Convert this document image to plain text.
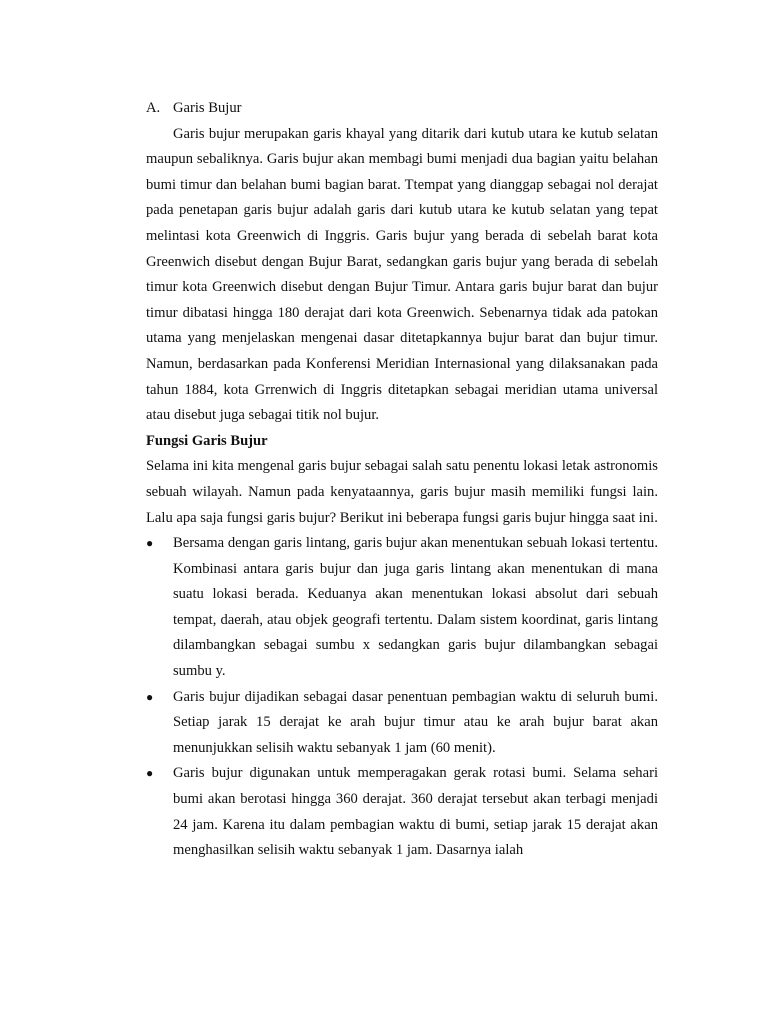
A. Garis Bujur

Garis bujur merupakan garis khayal yang ditarik dari kutub utara ke kutub selatan maupun sebaliknya. Garis bujur akan membagi bumi menjadi dua bagian yaitu belahan bumi timur dan belahan bumi bagian barat. Ttempat yang dianggap sebagai nol derajat pada penetapan garis bujur adalah garis dari kutub utara ke kutub selatan yang tepat melintasi kota Greenwich di Inggris. Garis bujur yang berada di sebelah barat kota Greenwich disebut dengan Bujur Barat, sedangkan garis bujur yang berada di sebelah timur kota Greenwich disebut dengan Bujur Timur. Antara garis bujur barat dan bujur timur dibatasi hingga 180 derajat dari kota Greenwich. Sebenarnya tidak ada patokan utama yang menjelaskan mengenai dasar ditetapkannya bujur barat dan bujur timur. Namun, berdasarkan pada Konferensi Meridian Internasional yang dilaksanakan pada tahun 1884, kota Grrenwich di Inggris ditetapkan sebagai meridian utama universal atau disebut juga sebagai titik nol bujur.

Fungsi Garis Bujur

Selama ini kita mengenal garis bujur sebagai salah satu penentu lokasi letak astronomis sebuah wilayah. Namun pada kenyataannya, garis bujur masih memiliki fungsi lain. Lalu apa saja fungsi garis bujur? Berikut ini beberapa fungsi garis bujur hingga saat ini.

●	Bersama dengan garis lintang, garis bujur akan menentukan sebuah lokasi tertentu. Kombinasi antara garis bujur dan juga garis lintang akan menentukan di mana suatu lokasi berada. Keduanya akan menentukan lokasi absolut dari sebuah tempat, daerah, atau objek geografi tertentu. Dalam sistem koordinat, garis lintang dilambangkan sebagai sumbu x sedangkan garis bujur dilambangkan sebagai sumbu y.
●	Garis bujur dijadikan sebagai dasar penentuan pembagian waktu di seluruh bumi. Setiap jarak 15 derajat ke arah bujur timur atau ke arah bujur barat akan menunjukkan selisih waktu sebanyak 1 jam (60 menit).
●	Garis bujur digunakan untuk memperagakan gerak rotasi bumi. Selama sehari bumi akan berotasi hingga 360 derajat. 360 derajat tersebut akan terbagi menjadi 24 jam. Karena itu dalam pembagian waktu di bumi, setiap jarak 15 derajat akan menghasilkan selisih waktu sebanyak 1 jam. Dasarnya ialah
